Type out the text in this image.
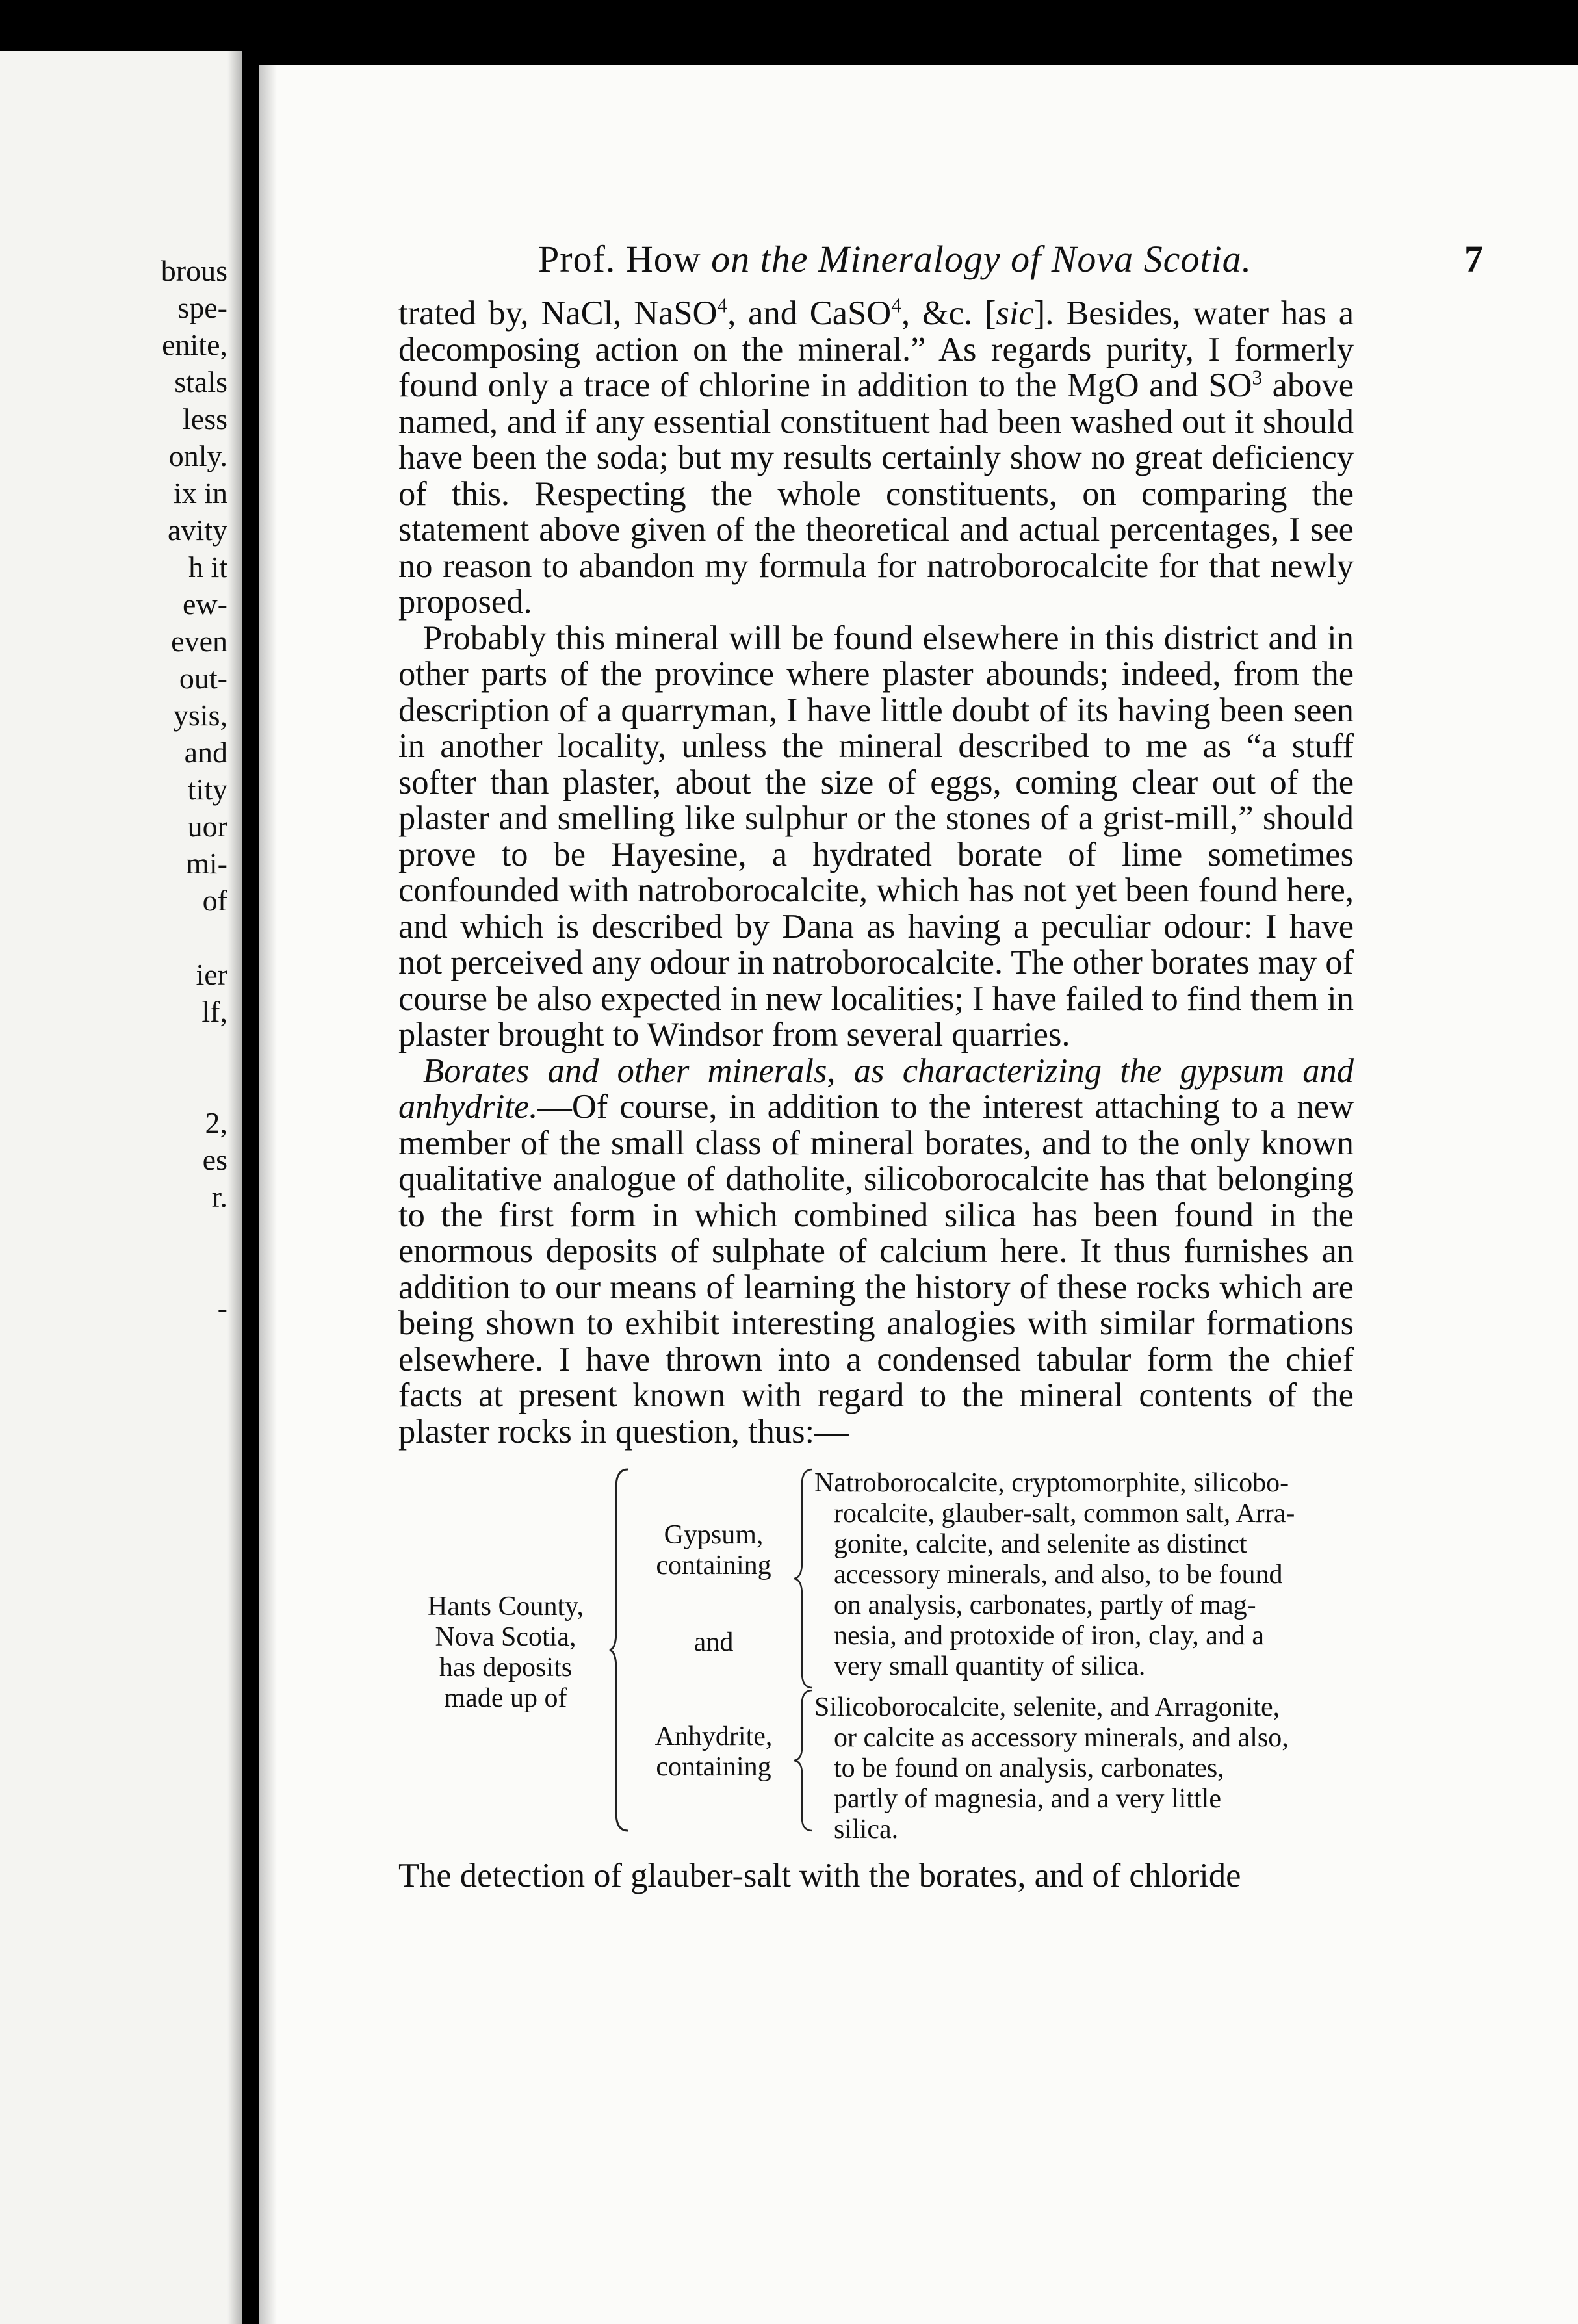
brous
spe-
enite,
stals
less
only.
ix in
avity
h it
ew-
even
out-
ysis,
and
tity
uor
mi-
of
ier
lf,
2,
es
r.
-
Prof. How on the Mineralogy of Nova Scotia.	7

trated by, NaCl, NaSO$^4$, and CaSO$^4$, &c. [sic]. Besides, water has a decomposing action on the mineral.” As regards purity, I formerly found only a trace of chlorine in addition to the MgO and $SO^3$ above named, and if any essential constituent had been washed out it should have been the soda; but my results certainly show no great deficiency of this. Respecting the whole constituents, on comparing the statement above given of the theoretical and actual percentages, I see no reason to abandon my formula for natroborocalcite for that newly proposed.

Probably this mineral will be found elsewhere in this district and in other parts of the province where plaster abounds; indeed, from the description of a quarryman, I have little doubt of its having been seen in another locality, unless the mineral described to me as “a stuff softer than plaster, about the size of eggs, coming clear out of the plaster and smelling like sulphur or the stones of a grist-mill,” should prove to be Hayesine, a hydrated borate of lime sometimes confounded with natroborocalcite, which has not yet been found here, and which is described by Dana as having a peculiar odour: I have not perceived any odour in natroborocalcite. The other borates may of course be also expected in new localities; I have failed to find them in plaster brought to Windsor from several quarries.

Borates and other minerals, as characterizing the gypsum and anhydrite.—Of course, in addition to the interest attaching to a new member of the small class of mineral borates, and to the only known qualitative analogue of datholite, silicoborocalcite has that belonging to the first form in which combined silica has been found in the enormous deposits of sulphate of calcium here. It thus furnishes an addition to our means of learning the history of these rocks which are being shown to exhibit interesting analogies with similar formations elsewhere. I have thrown into a condensed tabular form the chief facts at present known with regard to the mineral contents of the plaster rocks in question, thus:—

Hants County,
Nova Scotia,
has deposits
made up of
Gypsum,
containing
and
Anhydrite,
containing
Natroborocalcite, cryptomorphite, silicobo-
rocalcite, glauber-salt, common salt, Arra-
gonite, calcite, and selenite as distinct
accessory minerals, and also, to be found
on analysis, carbonates, partly of mag-
nesia, and protoxide of iron, clay, and a
very small quantity of silica.
Silicoborocalcite, selenite, and Arragonite,
or calcite as accessory minerals, and also,
to be found on analysis, carbonates,
partly of magnesia, and a very little
silica.
The detection of glauber-salt with the borates, and of chloride
